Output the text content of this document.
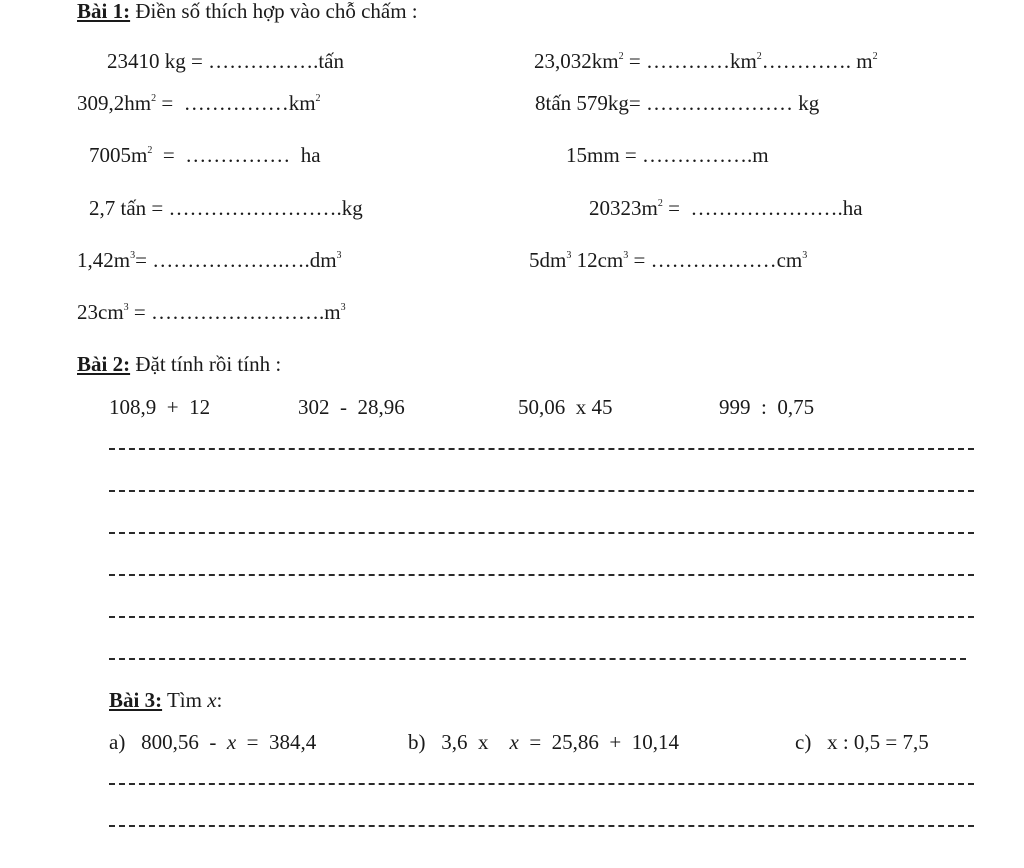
Bài 1: Điền số thích hợp vào chỗ chấm :
23410 kg = …………….tấn	$23,032km^2$ = $\dots\dots\dots\dots km^2\dots\dots\dots\dots$. $m^2$
$309,2hm^2$ =  $\dots\dots\dots\dots\dots km^2$	8tấn 579kg= ………………… kg
$7005m^2$  =  ……………  ha	15mm = …………….m
2,7 tấn = …………………….kg	$20323m^2$ =  ………………….ha
$1,42m^3=$ $\dots\dots\dots\dots\dots\dots.\dots.dm^3$	$5dm^3$ $12cm^3$ = $\dots\dots\dots\dots\dots\dots cm^3$
$23cm^3$ = $\dots\dots\dots\dots\dots\dots\dots\dots.m^3$
Bài 2: Đặt tính rồi tính :
108,9  +  12	302  -  28,96	50,06  x 45	999  :  0,75
Bài 3: Tìm x:
a) 800,56  -  x  =  384,4	b) 3,6  x    x  =  25,86  +  10,14	c) x : 0,5 = 7,5
